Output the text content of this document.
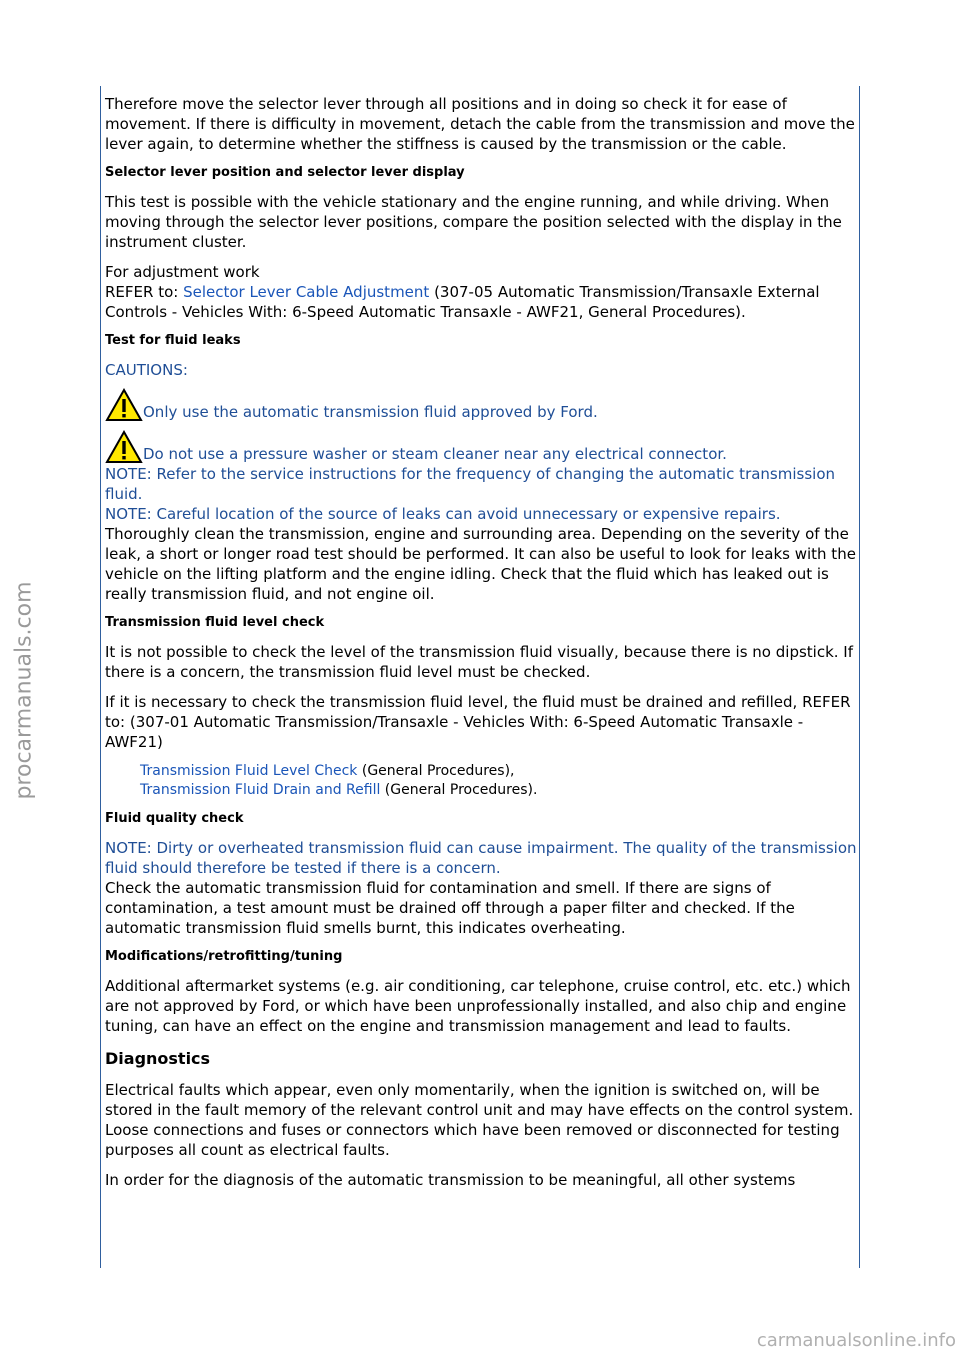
Therefore move the selector lever through all positions and in doing so check it for ease of movement. If there is difficulty in movement, detach the cable from the transmission and move the lever again, to determine whether the stiffness is caused by the transmission or the cable.

Selector lever position and selector lever display

This test is possible with the vehicle stationary and the engine running, and while driving. When moving through the selector lever positions, compare the position selected with the display in the instrument cluster.

For adjustment work
REFER to: Selector Lever Cable Adjustment (307-05 Automatic Transmission/Transaxle External Controls - Vehicles With: 6-Speed Automatic Transaxle - AWF21, General Procedures).

Test for fluid leaks

CAUTIONS:

Only use the automatic transmission fluid approved by Ford.
Do not use a pressure washer or steam cleaner near any electrical connector.

NOTE: Refer to the service instructions for the frequency of changing the automatic transmission fluid.

NOTE: Careful location of the source of leaks can avoid unnecessary or expensive repairs.

Thoroughly clean the transmission, engine and surrounding area. Depending on the severity of the leak, a short or longer road test should be performed. It can also be useful to look for leaks with the vehicle on the lifting platform and the engine idling. Check that the fluid which has leaked out is really transmission fluid, and not engine oil.

Transmission fluid level check

It is not possible to check the level of the transmission fluid visually, because there is no dipstick. If there is a concern, the transmission fluid level must be checked.

If it is necessary to check the transmission fluid level, the fluid must be drained and refilled, REFER to: (307-01 Automatic Transmission/Transaxle - Vehicles With: 6-Speed Automatic Transaxle - AWF21)

Transmission Fluid Level Check (General Procedures),
Transmission Fluid Drain and Refill (General Procedures).

Fluid quality check

NOTE: Dirty or overheated transmission fluid can cause impairment. The quality of the transmission fluid should therefore be tested if there is a concern.

Check the automatic transmission fluid for contamination and smell. If there are signs of contamination, a test amount must be drained off through a paper filter and checked. If the automatic transmission fluid smells burnt, this indicates overheating.

Modifications/retrofitting/tuning

Additional aftermarket systems (e.g. air conditioning, car telephone, cruise control, etc. etc.) which are not approved by Ford, or which have been unprofessionally installed, and also chip and engine tuning, can have an effect on the engine and transmission management and lead to faults.

Diagnostics

Electrical faults which appear, even only momentarily, when the ignition is switched on, will be stored in the fault memory of the relevant control unit and may have effects on the control system. Loose connections and fuses or connectors which have been removed or disconnected for testing purposes all count as electrical faults.

In order for the diagnosis of the automatic transmission to be meaningful, all other systems

procarmanuals.com
carmanualsonline.info
